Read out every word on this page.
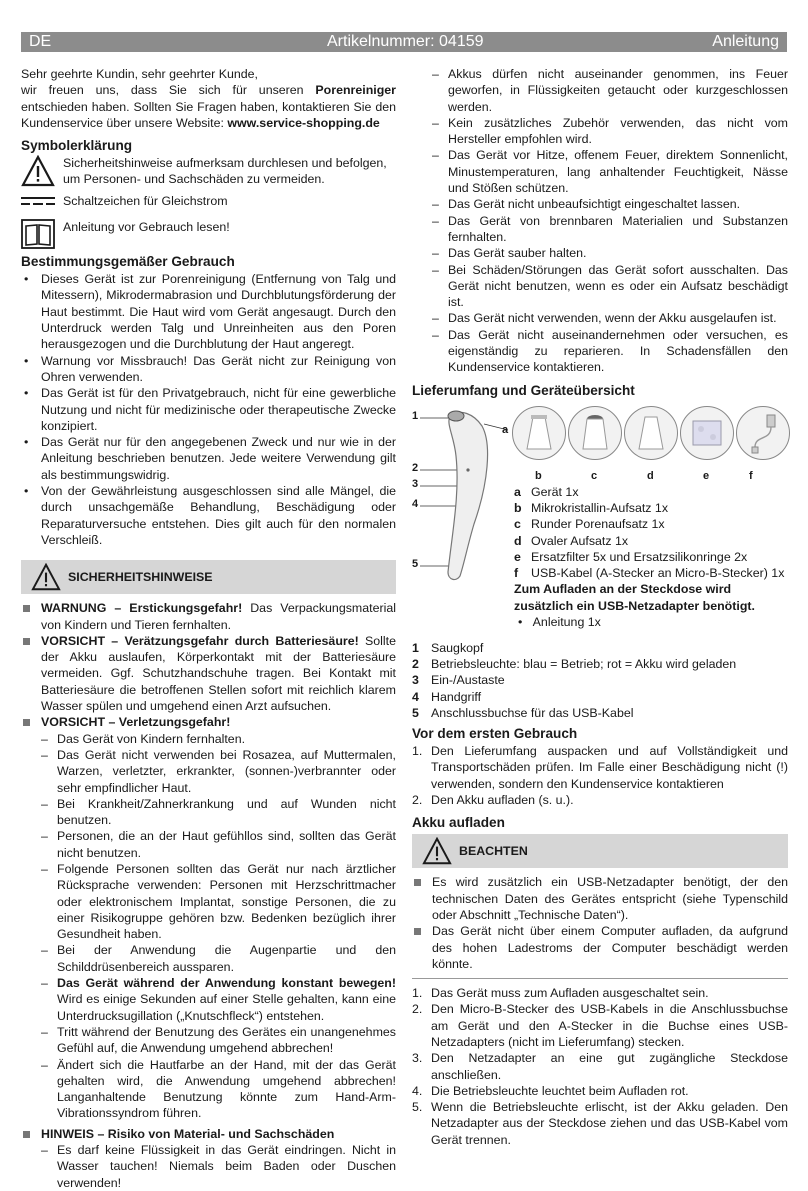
DE	Artikelnummer: 04159	Anleitung

Sehr geehrte Kundin, sehr geehrter Kunde,

wir freuen uns, dass Sie sich für unseren Porenreiniger entschieden haben. Sollten Sie Fragen haben, kontaktieren Sie den Kundenservice über unsere Website: www.service-shopping.de

Symbolerklärung

Sicherheitshinweise aufmerksam durchlesen und befolgen, um Personen- und Sachschäden zu vermeiden.

Schaltzeichen für Gleichstrom

Anleitung vor Gebrauch lesen!

Bestimmungsgemäßer Gebrauch
• Dieses Gerät ist zur Porenreinigung (Entfernung von Talg und Mitessern), Mikrodermabrasion und Durchblutungsförderung der Haut bestimmt. Die Haut wird vom Gerät angesaugt. Durch den Unterdruck werden Talg und Unreinheiten aus den Poren herausgezogen und die Durchblutung der Haut angeregt.
• Warnung vor Missbrauch! Das Gerät nicht zur Reinigung von Ohren verwenden.
• Das Gerät ist für den Privatgebrauch, nicht für eine gewerbliche Nutzung und nicht für medizinische oder therapeutische Zwecke konzipiert.
• Das Gerät nur für den angegebenen Zweck und nur wie in der Anleitung beschrieben benutzen. Jede weitere Verwendung gilt als bestimmungswidrig.
• Von der Gewährleistung ausgeschlossen sind alle Mängel, die durch unsachgemäße Behandlung, Beschädigung oder Reparaturversuche entstehen. Dies gilt auch für den normalen Verschleiß.
SICHERHEITSHINWEISE

WARNUNG – Erstickungsgefahr! Das Verpackungsmaterial von Kindern und Tieren fernhalten.

VORSICHT – Verätzungsgefahr durch Batteriesäure! Sollte der Akku auslaufen, Körperkontakt mit der Batteriesäure vermeiden. Ggf. Schutzhandschuhe tragen. Bei Kontakt mit Batteriesäure die betroffenen Stellen sofort mit reichlich klarem Wasser spülen und umgehend einen Arzt aufsuchen.

VORSICHT – Verletzungsgefahr!

– Das Gerät von Kindern fernhalten.

– Das Gerät nicht verwenden bei Rosazea, auf Muttermalen, Warzen, verletzter, erkrankter, (sonnen-)verbrannter oder sehr empfindlicher Haut.

– Bei Krankheit/Zahnerkrankung und auf Wunden nicht benutzen.

– Personen, die an der Haut gefühllos sind, sollten das Gerät nicht benutzen.

– Folgende Personen sollten das Gerät nur nach ärztlicher Rücksprache verwenden: Personen mit Herzschrittmacher oder elektronischem Implantat, sonstige Personen, die zu einer Risikogruppe gehören bzw. Bedenken bezüglich ihrer Gesundheit haben.

– Bei der Anwendung die Augenpartie und den Schilddrüsenbereich aussparen.

– Das Gerät während der Anwendung konstant bewegen! Wird es einige Sekunden auf einer Stelle gehalten, kann eine Unterdrucksugillation („Knutschfleck“) entstehen.

– Tritt während der Benutzung des Gerätes ein unangenehmes Gefühl auf, die Anwendung umgehend abbrechen!

– Ändert sich die Hautfarbe an der Hand, mit der das Gerät gehalten wird, die Anwendung umgehend abbrechen! Langanhaltende Benutzung könnte zum Hand-Arm-Vibrationssyndrom führen.

HINWEIS – Risiko von Material- und Sachschäden

– Es darf keine Flüssigkeit in das Gerät eindringen. Nicht in Wasser tauchen! Niemals beim Baden oder Duschen verwenden!

– Akkus dürfen nicht auseinander genommen, ins Feuer geworfen, in Flüssigkeiten getaucht oder kurzgeschlossen werden.

– Kein zusätzliches Zubehör verwenden, das nicht vom Hersteller empfohlen wird.

– Das Gerät vor Hitze, offenem Feuer, direktem Sonnenlicht, Minustemperaturen, lang anhaltender Feuchtigkeit, Nässe und Stößen schützen.

– Das Gerät nicht unbeaufsichtigt eingeschaltet lassen.

– Das Gerät von brennbaren Materialien und Substanzen fernhalten.

– Das Gerät sauber halten.

– Bei Schäden/Störungen das Gerät sofort ausschalten. Das Gerät nicht benutzen, wenn es oder ein Aufsatz beschädigt ist.

– Das Gerät nicht verwenden, wenn der Akku ausgelaufen ist.

– Das Gerät nicht auseinandernehmen oder versuchen, es eigenständig zu reparieren. In Schadensfällen den Kundenservice kontaktieren.

Lieferumfang und Geräteübersicht
1
2
3
4
5
a
b	c	d	e	f

a Gerät 1x

b Mikrokristallin-Aufsatz 1x

c Runder Porenaufsatz 1x

d Ovaler Aufsatz 1x

e Ersatzfilter 5x und Ersatzsilikonringe 2x

f USB-Kabel (A-Stecker an Micro-B-Stecker) 1x

Zum Aufladen an der Steckdose wird zusätzlich ein USB-Netzadapter benötigt.

•   Anleitung 1x

1 Saugkopf

2 Betriebsleuchte: blau = Betrieb; rot = Akku wird geladen

3 Ein-/Austaste

4 Handgriff

5 Anschlussbuchse für das USB-Kabel

Vor dem ersten Gebrauch

1. Den Lieferumfang auspacken und auf Vollständigkeit und Transportschäden prüfen. Im Falle einer Beschädigung nicht (!) verwenden, sondern den Kundenservice kontaktieren

2. Den Akku aufladen (s. u.).

Akku aufladen
BEACHTEN

Es wird zusätzlich ein USB-Netzadapter benötigt, der den technischen Daten des Gerätes entspricht (siehe Typenschild oder Abschnitt „Technische Daten“).

Das Gerät nicht über einem Computer aufladen, da aufgrund des hohen Ladestroms der Computer beschädigt werden könnte.

1. Das Gerät muss zum Aufladen ausgeschaltet sein.

2. Den Micro-B-Stecker des USB-Kabels in die Anschlussbuchse am Gerät und den A-Stecker in die Buchse eines USB-Netzadapters (nicht im Lieferumfang) stecken.

3. Den Netzadapter an eine gut zugängliche Steckdose anschließen.

4. Die Betriebsleuchte leuchtet beim Aufladen rot.

5. Wenn die Betriebsleuchte erlischt, ist der Akku geladen. Den Netzadapter aus der Steckdose ziehen und das USB-Kabel vom Gerät trennen.
